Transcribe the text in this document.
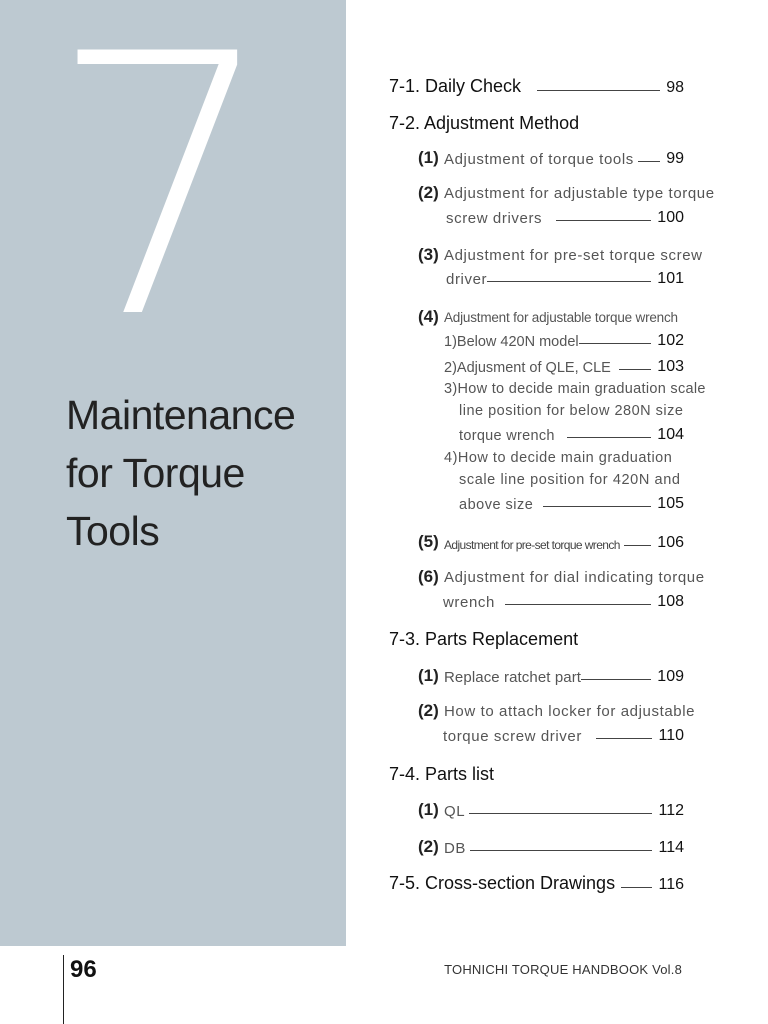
7
Maintenance
for Torque
Tools
7-1. Daily Check	98
7-2. Adjustment Method
(1) Adjustment of torque tools 99
(2) Adjustment for adjustable type torque
screw drivers	100
(3) Adjustment for pre-set torque screw
driver	101
(4) Adjustment for adjustable torque wrench
1)Below 420N model	102
2)Adjusment of QLE, CLE	103
3)How to decide main graduation scale
line position for below 280N size
torque wrench	104
4)How to decide main graduation
scale line position for 420N and
above size	105
(5) Adjustment for pre-set torque wrench 106
(6) Adjustment for dial indicating torque
wrench	108
7-3. Parts Replacement
(1) Replace ratchet part	109
(2) How to attach locker for adjustable
torque screw driver	110
7-4. Parts list
(1) QL	112
(2) DB	114
7-5. Cross-section Drawings	116
96	TOHNICHI TORQUE HANDBOOK Vol.8
